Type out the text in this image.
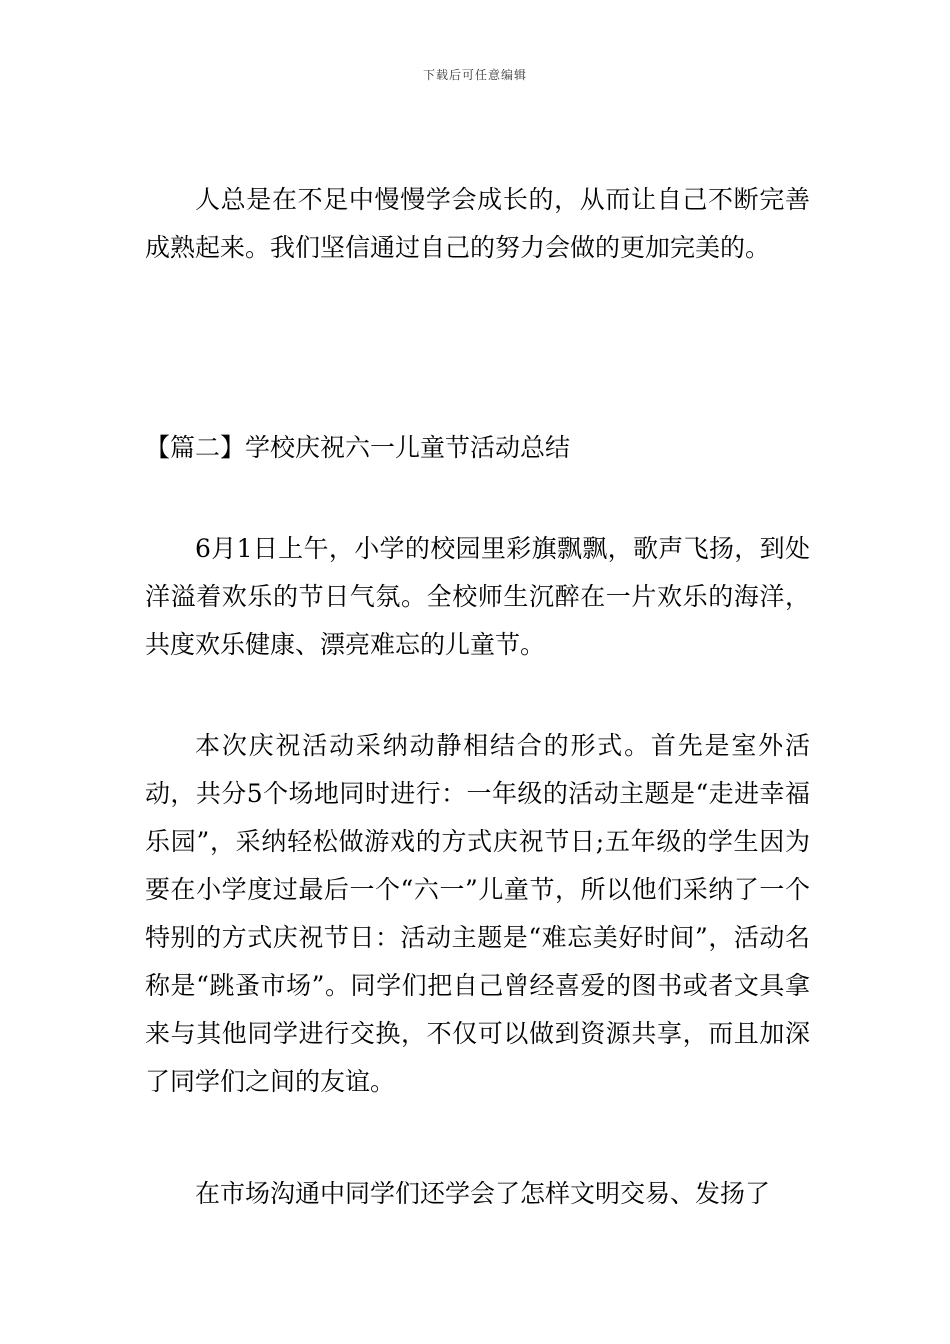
下载后可任意编辑

人总是在不足中慢慢学会成长的，从而让自己不断完善成熟起来。我们坚信通过自己的努力会做的更加完美的。

【篇二】学校庆祝六一儿童节活动总结

6月1日上午，小学的校园里彩旗飘飘，歌声飞扬，到处洋溢着欢乐的节日气氛。全校师生沉醉在一片欢乐的海洋，共度欢乐健康、漂亮难忘的儿童节。

本次庆祝活动采纳动静相结合的形式。首先是室外活动，共分5个场地同时进行：一年级的活动主题是“走进幸福乐园”，采纳轻松做游戏的方式庆祝节日;五年级的学生因为要在小学度过最后一个“六一”儿童节，所以他们采纳了一个特别的方式庆祝节日：活动主题是“难忘美好时间”，活动名称是“跳蚤市场”。同学们把自己曾经喜爱的图书或者文具拿来与其他同学进行交换，不仅可以做到资源共享，而且加深了同学们之间的友谊。

在市场沟通中同学们还学会了怎样文明交易、发扬了
